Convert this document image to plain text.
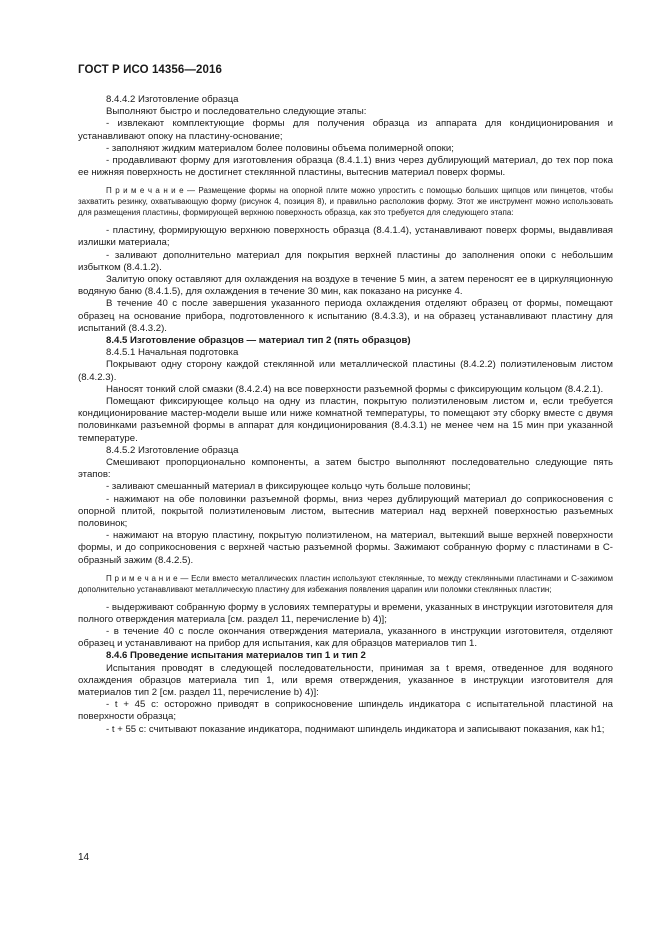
ГОСТ Р ИСО 14356—2016

8.4.4.2 Изготовление образца

Выполняют быстро и последовательно следующие этапы:

- извлекают комплектующие формы для получения образца из аппарата для кондиционирования и устанавливают опоку на пластину-основание;

- заполняют жидким материалом более половины объема полимерной опоки;

- продавливают форму для изготовления образца (8.4.1.1) вниз через дублирующий материал, до тех пор пока ее нижняя поверхность не достигнет стеклянной пластины, вытеснив материал поверх формы.

П р и м е ч а н и е — Размещение формы на опорной плите можно упростить с помощью больших щипцов или пинцетов, чтобы захватить резинку, охватывающую форму (рисунок 4, позиция 8), и правильно расположив форму. Этот же инструмент можно использовать для размещения пластины, формирующей верхнюю поверхность образца, как это требуется для следующего этапа:

- пластину, формирующую верхнюю поверхность образца (8.4.1.4), устанавливают поверх формы, выдавливая излишки материала;

- заливают дополнительно материал для покрытия верхней пластины до заполнения опоки с небольшим избытком (8.4.1.2).

Залитую опоку оставляют для охлаждения на воздухе в течение 5 мин, а затем переносят ее в циркуляционную водяную баню (8.4.1.5), для охлаждения в течение 30 мин, как показано на рисунке 4.

В течение 40 с после завершения указанного периода охлаждения отделяют образец от формы, помещают образец на основание прибора, подготовленного к испытанию (8.4.3.3), и на образец устанавливают пластину для испытаний (8.4.3.2).

8.4.5 Изготовление образцов — материал тип 2 (пять образцов)

8.4.5.1 Начальная подготовка

Покрывают одну сторону каждой стеклянной или металлической пластины (8.4.2.2) полиэтиленовым листом (8.4.2.3).

Наносят тонкий слой смазки (8.4.2.4) на все поверхности разъемной формы с фиксирующим кольцом (8.4.2.1).

Помещают фиксирующее кольцо на одну из пластин, покрытую полиэтиленовым листом и, если требуется кондиционирование мастер-модели выше или ниже комнатной температуры, то помещают эту сборку вместе с двумя половинками разъемной формы в аппарат для кондиционирования (8.4.3.1) не менее чем на 15 мин при указанной температуре.

8.4.5.2 Изготовление образца

Смешивают пропорционально компоненты, а затем быстро выполняют последовательно следующие пять этапов:

- заливают смешанный материал в фиксирующее кольцо чуть больше половины;

- нажимают на обе половинки разъемной формы, вниз через дублирующий материал до соприкосновения с опорной плитой, покрытой полиэтиленовым листом, вытеснив материал над верхней поверхностью разъемных половинок;

- нажимают на вторую пластину, покрытую полиэтиленом, на материал, вытекший выше верхней поверхности формы, и до соприкосновения с верхней частью разъемной формы. Зажимают собранную форму с пластинами в С-образный зажим (8.4.2.5).

П р и м е ч а н и е — Если вместо металлических пластин используют стеклянные, то между стеклянными пластинами и С-зажимом дополнительно устанавливают металлическую пластину для избежания появления царапин или поломки стеклянных пластин;

- выдерживают собранную форму в условиях температуры и времени, указанных в инструкции изготовителя для полного отверждения материала [см. раздел 11, перечисление b) 4)];

- в течение 40 с после окончания отверждения материала, указанного в инструкции изготовителя, отделяют образец и устанавливают на прибор для испытания, как для образцов материалов тип 1.

8.4.6 Проведение испытания материалов тип 1 и тип 2

Испытания проводят в следующей последовательности, принимая за t время, отведенное для водяного охлаждения образцов материала тип 1, или время отверждения, указанное в инструкции изготовителя для материалов тип 2 [см. раздел 11, перечисление b) 4)]:

- t + 45 с: осторожно приводят в соприкосновение шпиндель индикатора с испытательной пластиной на поверхности образца;

- t + 55 с: считывают показание индикатора, поднимают шпиндель индикатора и записывают показания, как h1;

14
